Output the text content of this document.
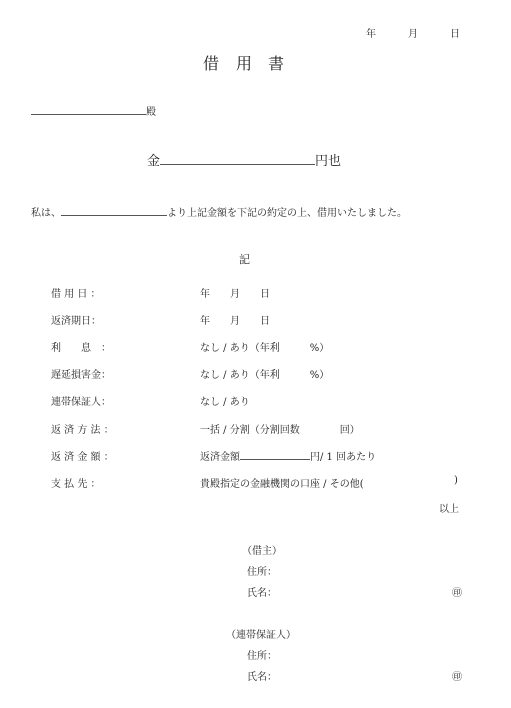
年	月	日
借 用 書
殿
金	円也
私は、	より上記金額を下記の約定の上、借用いたしました。
記
借 用 日 ：	年　　月　　日
返済期日：	年　　月　　日
利　　息　：	なし / あり（年利　　　%）
遅延損害金：	なし / あり（年利　　　%）
連帯保証人：	なし / あり
返 済 方 法 ：	一括 / 分割（分割回数　　　　回）
返 済 金 額 ：	返済金額	円/ 1 回あたり
支 払 先 ：	貴殿指定の金融機関の口座 / その他(	)
以上
（借主）
住所：
氏名：	㊞
（連帯保証人）
住所：
氏名：	㊞
